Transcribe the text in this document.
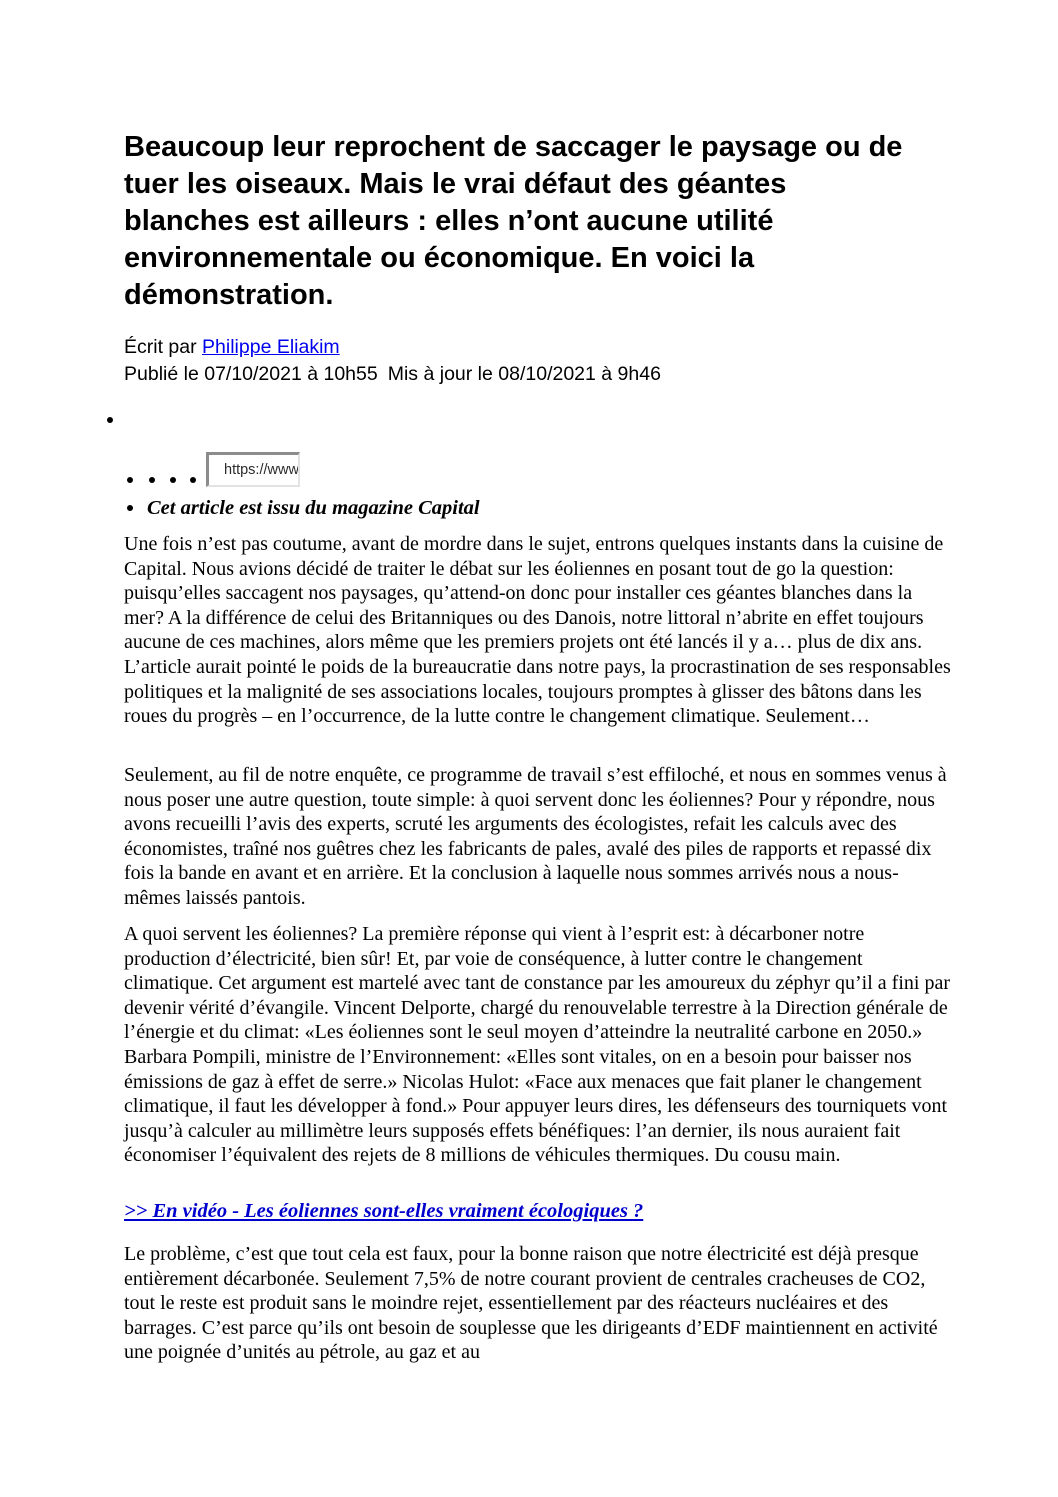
Beaucoup leur reprochent de saccager le paysage ou de tuer les oiseaux. Mais le vrai défaut des géantes blanches est ailleurs : elles n’ont aucune utilité environnementale ou économique. En voici la démonstration.
Écrit par Philippe Eliakim
Publié le 07/10/2021 à 10h55 Mis à jour le 08/10/2021 à 9h46
https://www.c
Cet article est issu du magazine Capital

Une fois n’est pas coutume, avant de mordre dans le sujet, entrons quelques instants dans la cuisine de Capital. Nous avions décidé de traiter le débat sur les éoliennes en posant tout de go la question: puisqu’elles saccagent nos paysages, qu’attend-on donc pour installer ces géantes blanches dans la mer? A la différence de celui des Britanniques ou des Danois, notre littoral n’abrite en effet toujours aucune de ces machines, alors même que les premiers projets ont été lancés il y a… plus de dix ans. L’article aurait pointé le poids de la bureaucratie dans notre pays, la procrastination de ses responsables politiques et la malignité de ses associations locales, toujours promptes à glisser des bâtons dans les roues du progrès – en l’occurrence, de la lutte contre le changement climatique. Seulement…

Seulement, au fil de notre enquête, ce programme de travail s’est effiloché, et nous en sommes venus à nous poser une autre question, toute simple: à quoi servent donc les éoliennes? Pour y répondre, nous avons recueilli l’avis des experts, scruté les arguments des écologistes, refait les calculs avec des économistes, traîné nos guêtres chez les fabricants de pales, avalé des piles de rapports et repassé dix fois la bande en avant et en arrière. Et la conclusion à laquelle nous sommes arrivés nous a nous-mêmes laissés pantois.

A quoi servent les éoliennes? La première réponse qui vient à l’esprit est: à décarboner notre production d’électricité, bien sûr! Et, par voie de conséquence, à lutter contre le changement climatique. Cet argument est martelé avec tant de constance par les amoureux du zéphyr qu’il a fini par devenir vérité d’évangile. Vincent Delporte, chargé du renouvelable terrestre à la Direction générale de l’énergie et du climat: «Les éoliennes sont le seul moyen d’atteindre la neutralité carbone en 2050.» Barbara Pompili, ministre de l’Environnement: «Elles sont vitales, on en a besoin pour baisser nos émissions de gaz à effet de serre.» Nicolas Hulot: «Face aux menaces que fait planer le changement climatique, il faut les développer à fond.» Pour appuyer leurs dires, les défenseurs des tourniquets vont jusqu’à calculer au millimètre leurs supposés effets bénéfiques: l’an dernier, ils nous auraient fait économiser l’équivalent des rejets de 8 millions de véhicules thermiques. Du cousu main.

>> En vidéo - Les éoliennes sont-elles vraiment écologiques ?

Le problème, c’est que tout cela est faux, pour la bonne raison que notre électricité est déjà presque entièrement décarbonée. Seulement 7,5% de notre courant provient de centrales cracheuses de CO2, tout le reste est produit sans le moindre rejet, essentiellement par des réacteurs nucléaires et des barrages. C’est parce qu’ils ont besoin de souplesse que les dirigeants d’EDF maintiennent en activité une poignée d’unités au pétrole, au gaz et au
